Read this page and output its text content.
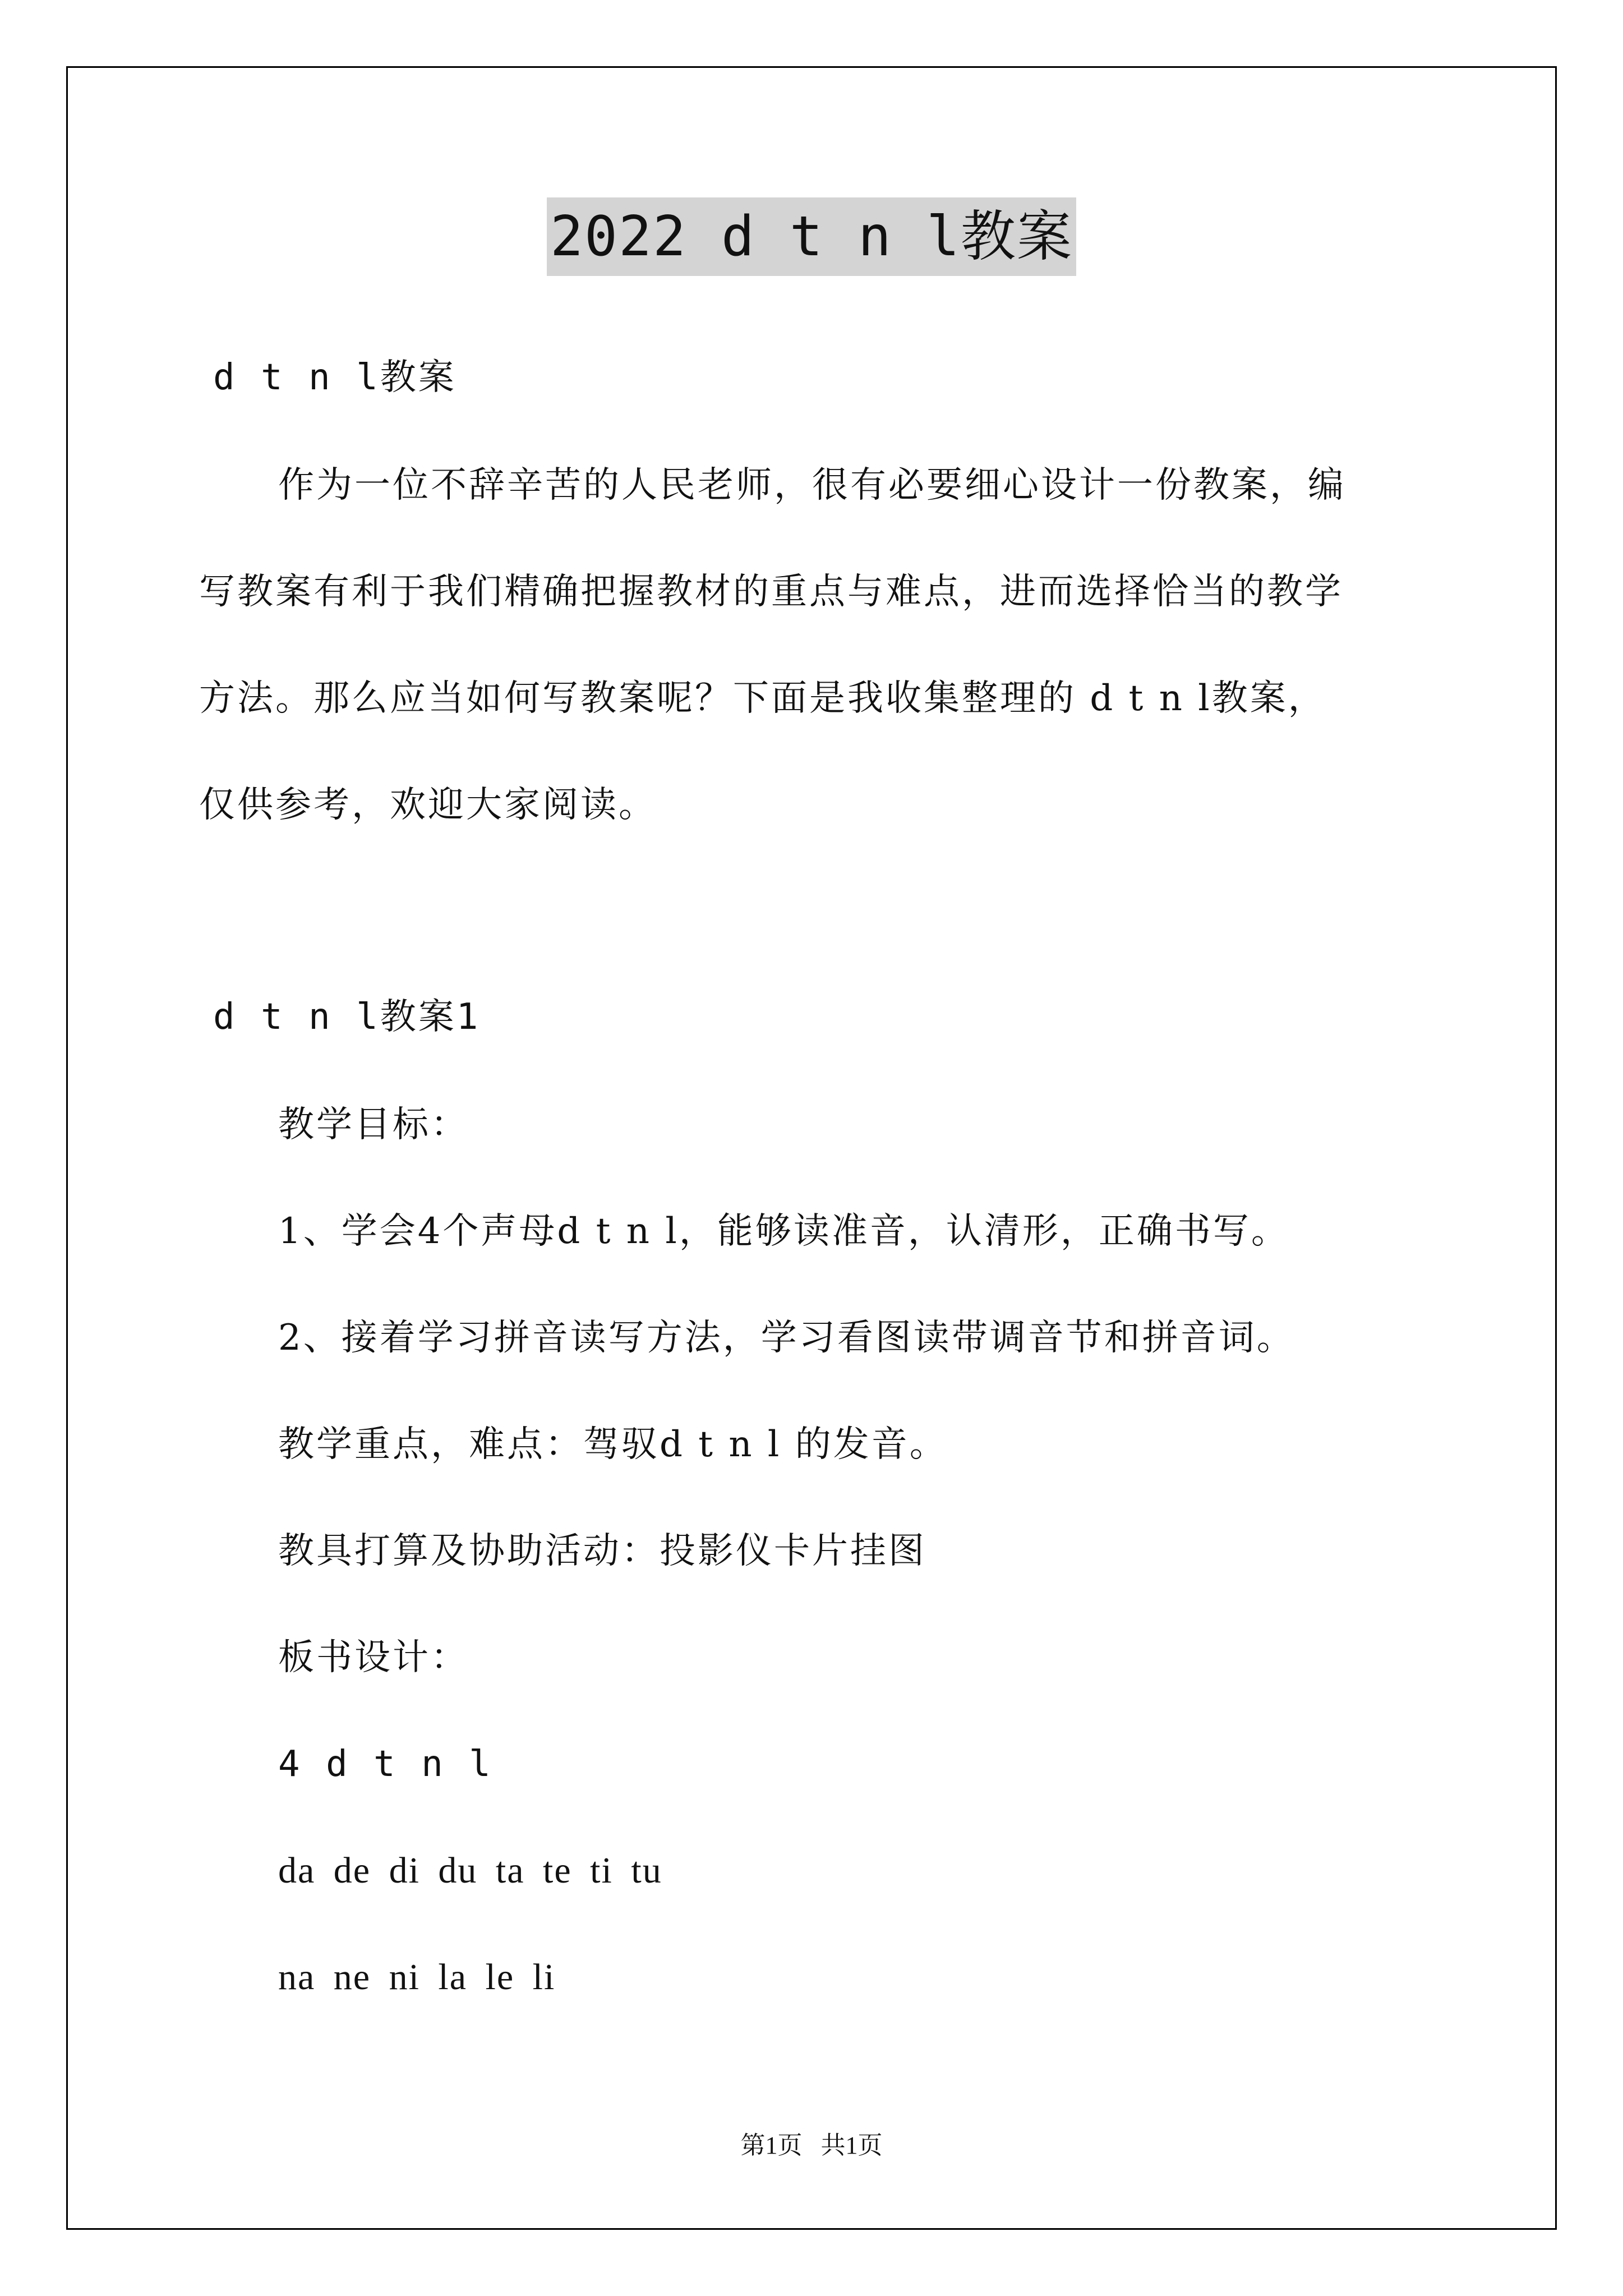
2022 d t n l教案
d t n l教案
作为一位不辞辛苦的人民老师，很有必要细心设计一份教案，编
写教案有利于我们精确把握教材的重点与难点，进而选择恰当的教学
方法。那么应当如何写教案呢？下面是我收集整理的 d t n l教案，
仅供参考，欢迎大家阅读。
d t n l教案1
教学目标：
1、学会4个声母d t n l，能够读准音，认清形，正确书写。
2、接着学习拼音读写方法，学习看图读带调音节和拼音词。
教学重点，难点：驾驭d t n l 的发音。
教具打算及协助活动：投影仪卡片挂图
板书设计：
4 d t n l
da de di du ta te ti tu
na ne ni la le li
第1页   共1页
